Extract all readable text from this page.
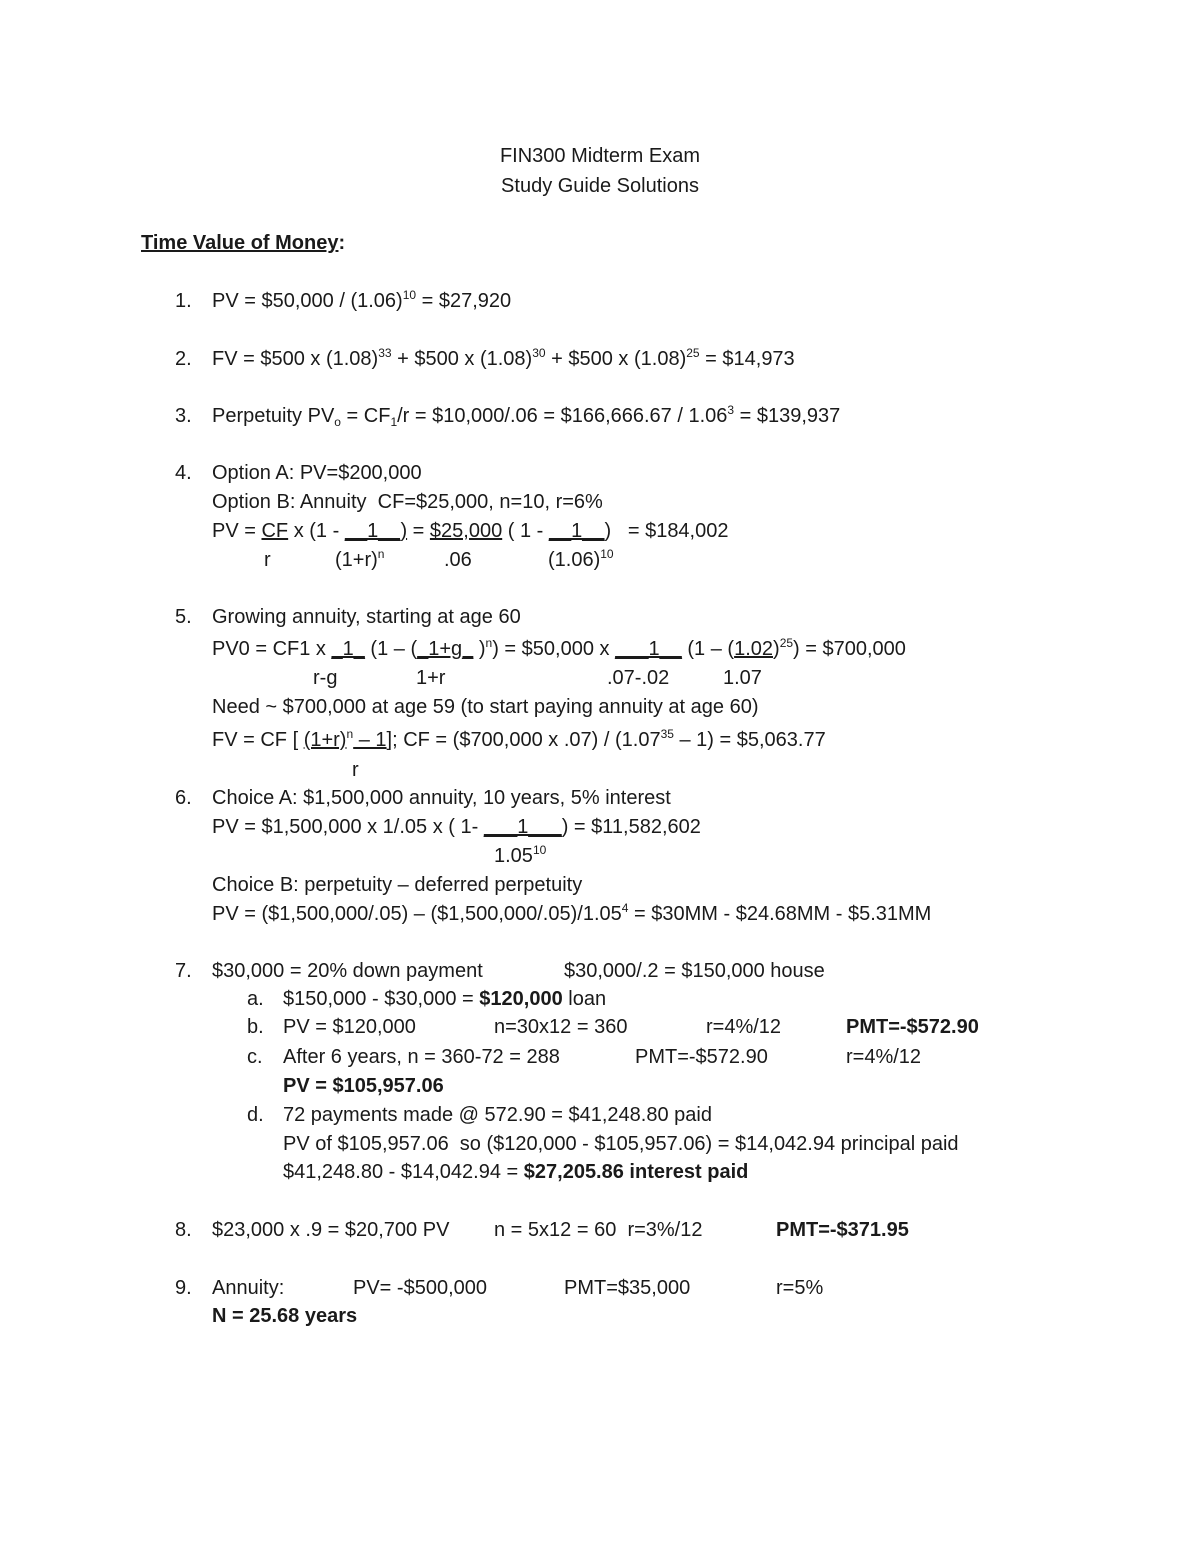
FIN300 Midterm Exam
Study Guide Solutions
Time Value of Money:
1. PV = $50,000 / $(1.06)^{10}$ = $27,920
2. FV = $500 x $(1.08)^{33}$ + $500 x $(1.08)^{30}$ + $500 x $(1.08)^{25}$ = $14,973
3. Perpetuity $PV_o = CF_1/r$ = $10,000/.06 = $166,666.67 / $1.06^3$ = $139,937
4. Option A: PV=$200,000
Option B: Annuity  CF=$25,000, n=10, r=6%
PV = CF x (1 - __1__) = $25,000 ( 1 - __1__)   = $184,002
r	$(1+r)^n$	.06	$(1.06)^{10}$
5. Growing annuity, starting at age 60
PV0 = CF1 x _1_ (1 – (_1+g_ )$^n$) = $50,000 x ___1__ $(1 - (1.02)^{25})$ = $700,000
r-g	1+r	.07-.02	1.07
Need ~ $700,000 at age 59 (to start paying annuity at age 60)
FV = CF [ $(1+r)^n - 1$]; CF = ($700,000 x .07) / (1.07$^{35}$ – 1) = $5,063.77
r
6. Choice A: $1,500,000 annuity, 10 years, 5% interest
PV = $1,500,000 x 1/.05 x ( 1- ___1___) = $11,582,602
1.05$^{10}$
Choice B: perpetuity – deferred perpetuity
PV = ($1,500,000/.05) – $(\$1,500,000/.05)/1.05^4$ = $30MM - $24.68MM - $5.31MM
7. $30,000 = 20% down payment	$30,000/.2 = $150,000 house
a. $150,000 - $30,000 = $120,000 loan
b. PV = $120,000	n=30x12 = 360	r=4%/12	PMT=-$572.90
c. After 6 years, n = 360-72 = 288	PMT=-$572.90	r=4%/12
PV = $105,957.06
d. 72 payments made @ 572.90 = $41,248.80 paid
PV of $105,957.06  so ($120,000 - $105,957.06) = $14,042.94 principal paid
$41,248.80 - $14,042.94 = $27,205.86 interest paid
8. $23,000 x .9 = $20,700 PV n = 5x12 = 60  r=3%/12	PMT=-$371.95
9. Annuity:	PV= -$500,000	PMT=$35,000	r=5%
N = 25.68 years
